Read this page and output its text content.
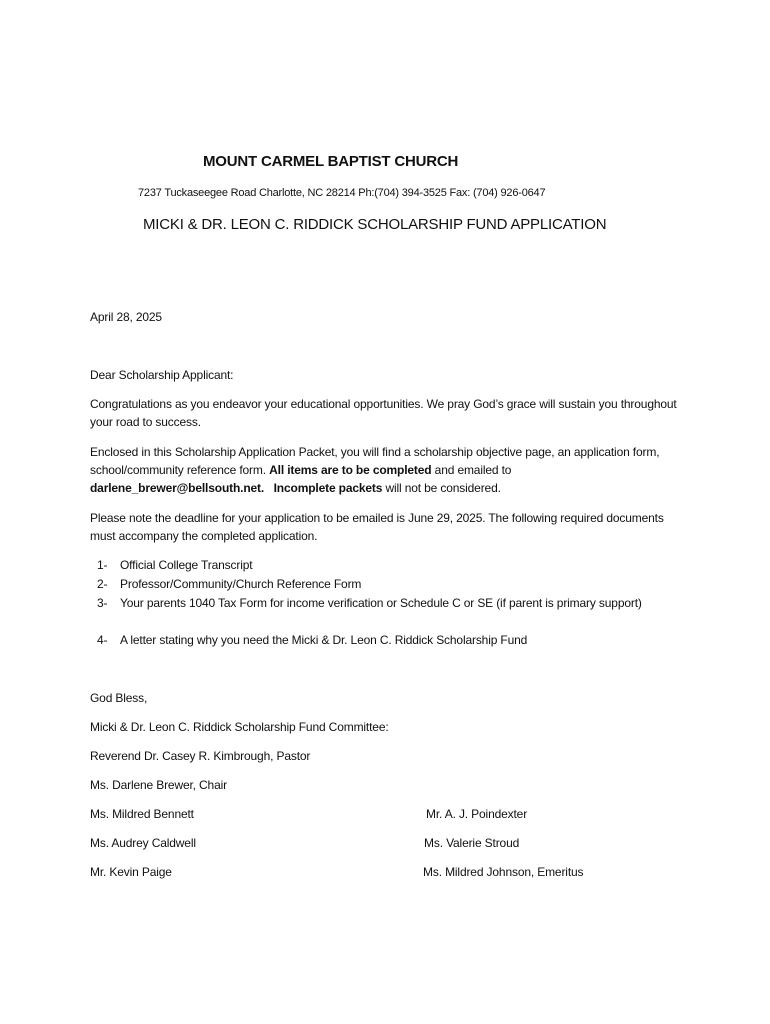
MOUNT CARMEL BAPTIST CHURCH
7237 Tuckaseegee Road Charlotte, NC 28214 Ph:(704) 394-3525 Fax: (704) 926-0647
MICKI & DR. LEON C. RIDDICK SCHOLARSHIP FUND APPLICATION
April 28, 2025
Dear Scholarship Applicant:
Congratulations as you endeavor your educational opportunities. We pray God’s grace will sustain you throughout your road to success.
Enclosed in this Scholarship Application Packet, you will find a scholarship objective page, an application form, school/community reference form. All items are to be completed and emailed to
darlene_brewer@bellsouth.net. Incomplete packets will not be considered.
Please note the deadline for your application to be emailed is June 29, 2025. The following required documents must accompany the completed application.
1- Official College Transcript
2- Professor/Community/Church Reference Form
3- Your parents 1040 Tax Form for income verification or Schedule C or SE (if parent is primary support)
4- A letter stating why you need the Micki & Dr. Leon C. Riddick Scholarship Fund
God Bless,
Micki & Dr. Leon C. Riddick Scholarship Fund Committee:
Reverend Dr. Casey R. Kimbrough, Pastor
Ms. Darlene Brewer, Chair
Ms. Mildred Bennett	Mr. A. J. Poindexter
Ms. Audrey Caldwell	Ms. Valerie Stroud
Mr. Kevin Paige	Ms. Mildred Johnson, Emeritus
